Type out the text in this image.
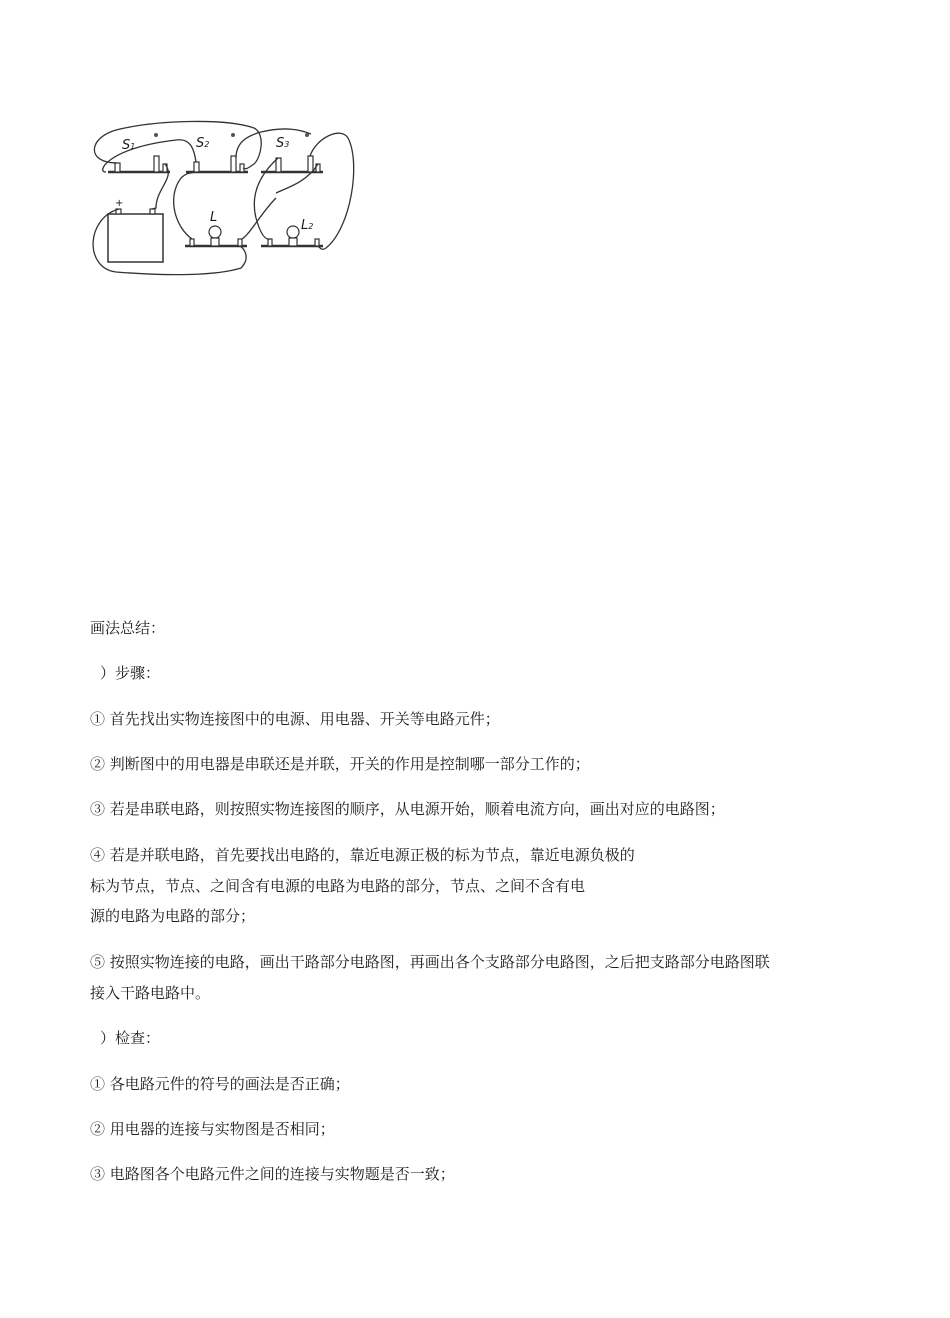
S1	S2	S3
L
L2
+
画法总结：
）步骤：
① 首先找出实物连接图中的电源、用电器、开关等电路元件；
② 判断图中的用电器是串联还是并联，开关的作用是控制哪一部分工作的；
③ 若是串联电路，则按照实物连接图的顺序，从电源开始，顺着电流方向，画出对应的电路图；
④ 若是并联电路，首先要找出电路的，靠近电源正极的标为节点，靠近电源负极的
标为节点，节点、之间含有电源的电路为电路的部分，节点、之间不含有电
源的电路为电路的部分；
⑤ 按照实物连接的电路，画出干路部分电路图，再画出各个支路部分电路图，之后把支路部分电路图联
接入干路电路中。
）检查：
① 各电路元件的符号的画法是否正确；
② 用电器的连接与实物图是否相同；
③ 电路图各个电路元件之间的连接与实物题是否一致；
